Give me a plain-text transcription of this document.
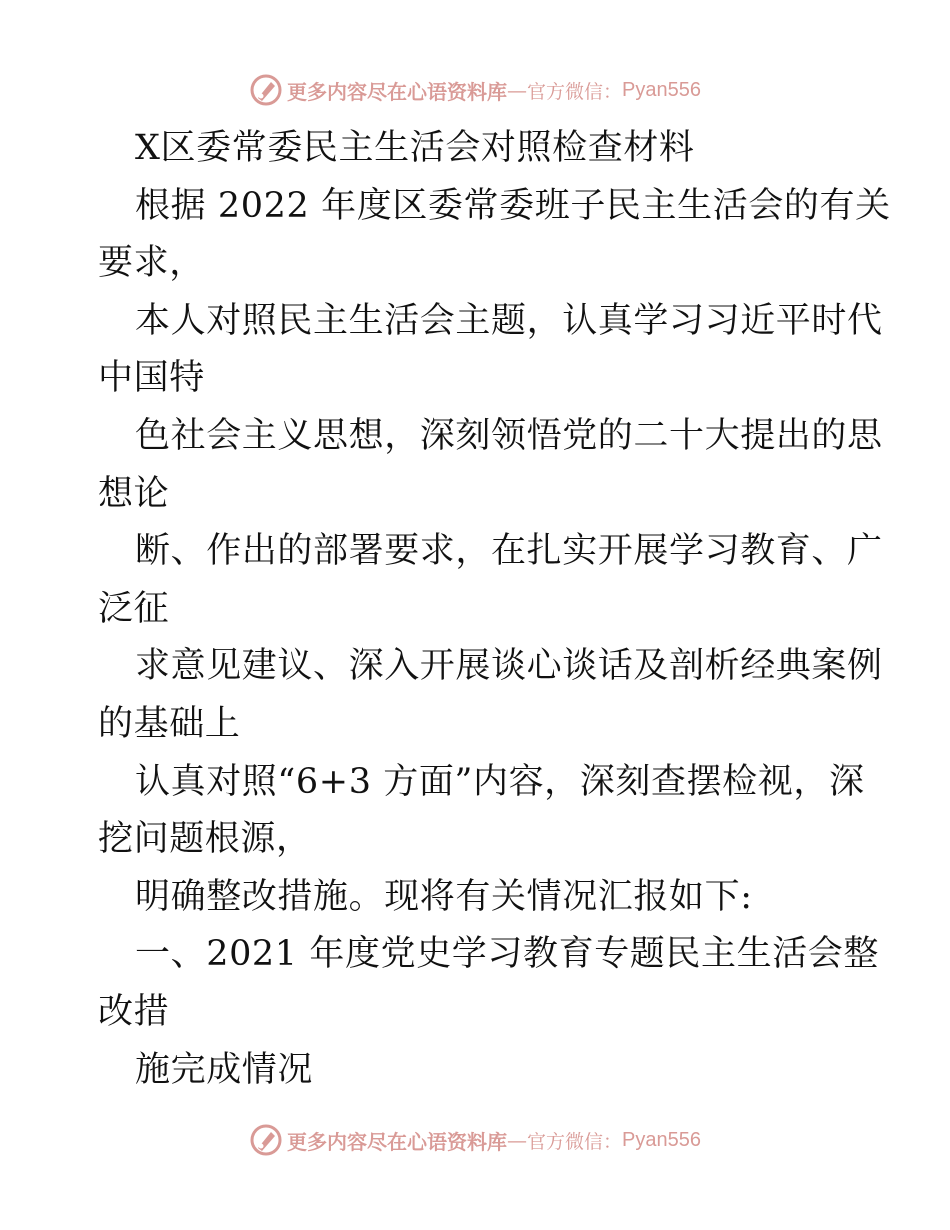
更多内容尽在心语资料库 — 官方微信： Pyan556
X区委常委民主生活会对照检查材料
根据 2022 年度区委常委班子民主生活会的有关
要求，
本人对照民主生活会主题，认真学习习近平时代
中国特
色社会主义思想，深刻领悟党的二十大提出的思
想论
断、作出的部署要求，在扎实开展学习教育、广
泛征
求意见建议、深入开展谈心谈话及剖析经典案例
的基础上
认真对照“6+3 方面”内容，深刻查摆检视，深
挖问题根源，
明确整改措施。现将有关情况汇报如下:
一、2021 年度党史学习教育专题民主生活会整
改措
施完成情况
更多内容尽在心语资料库 — 官方微信： Pyan556
